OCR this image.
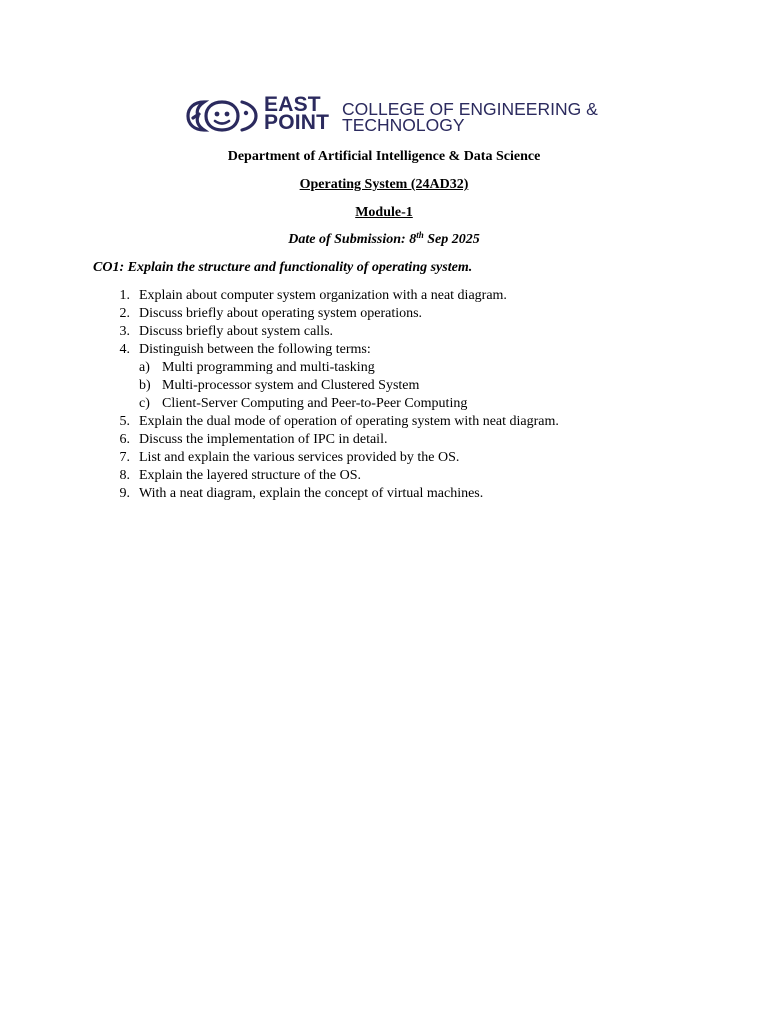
EAST
POINT
COLLEGE OF ENGINEERING &
TECHNOLOGY
Department of Artificial Intelligence & Data Science
Operating System (24AD32)
Module-1
Date of Submission: 8th Sep 2025
CO1: Explain the structure and functionality of operating system.
1. Explain about computer system organization with a neat diagram.
2. Discuss briefly about operating system operations.
3. Discuss briefly about system calls.
4. Distinguish between the following terms:
a) Multi programming and multi-tasking
b) Multi-processor system and Clustered System
c) Client-Server Computing and Peer-to-Peer Computing
5. Explain the dual mode of operation of operating system with neat diagram.
6. Discuss the implementation of IPC in detail.
7. List and explain the various services provided by the OS.
8. Explain the layered structure of the OS.
9. With a neat diagram, explain the concept of virtual machines.
